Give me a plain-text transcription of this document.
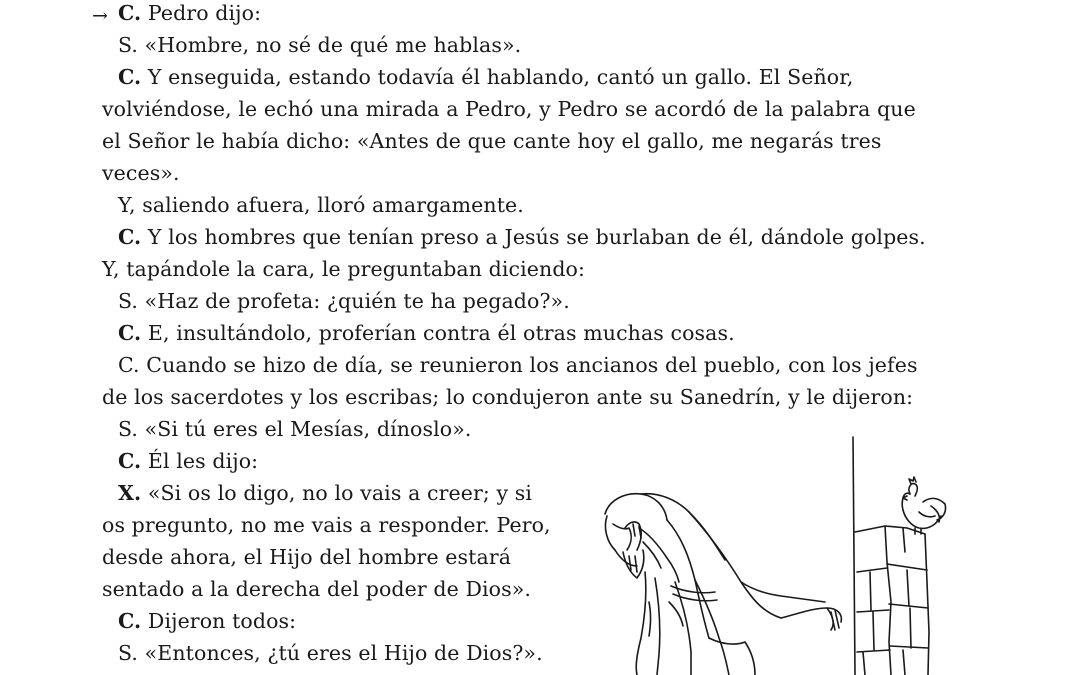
→ C. Pedro dijo:
S. «Hombre, no sé de qué me hablas».
C. Y enseguida, estando todavía él hablando, cantó un gallo. El Señor,
volviéndose, le echó una mirada a Pedro, y Pedro se acordó de la palabra que
el Señor le había dicho: «Antes de que cante hoy el gallo, me negarás tres
veces».
Y, saliendo afuera, lloró amargamente.
C. Y los hombres que tenían preso a Jesús se burlaban de él, dándole golpes.
Y, tapándole la cara, le preguntaban diciendo:
S. «Haz de profeta: ¿quién te ha pegado?».
C. E, insultándolo, proferían contra él otras muchas cosas.
C. Cuando se hizo de día, se reunieron los ancianos del pueblo, con los jefes
de los sacerdotes y los escribas; lo condujeron ante su Sanedrín, y le dijeron:
S. «Si tú eres el Mesías, dínoslo».
C. Él les dijo:
X. «Si os lo digo, no lo vais a creer; y si
os pregunto, no me vais a responder. Pero,
desde ahora, el Hijo del hombre estará
sentado a la derecha del poder de Dios».
C. Dijeron todos:
S. «Entonces, ¿tú eres el Hijo de Dios?».
